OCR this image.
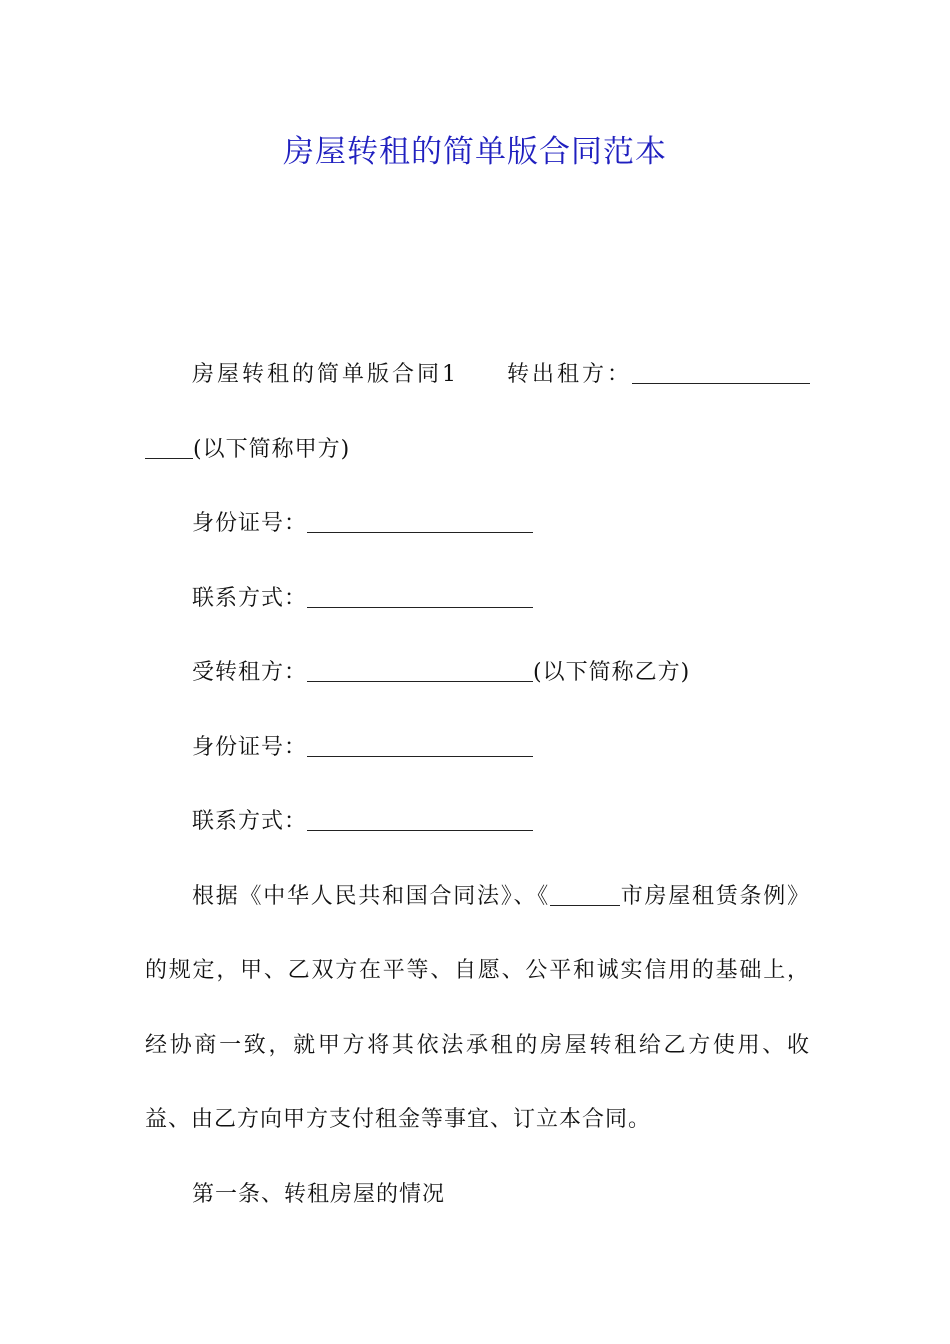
房屋转租的简单版合同范本

房屋转租的简单版合同1 转出租方：(以下简称甲方)

身份证号：

联系方式：

受转租方：	(以下简称乙方)

身份证号：

联系方式：

根据《中华人民共和国合同法》、《	市房屋租赁条例》的规定，甲、乙双方在平等、自愿、公平和诚实信用的基础上，经协商一致，就甲方将其依法承租的房屋转租给乙方使用、收益、由乙方向甲方支付租金等事宜、订立本合同。

第一条、转租房屋的情况
